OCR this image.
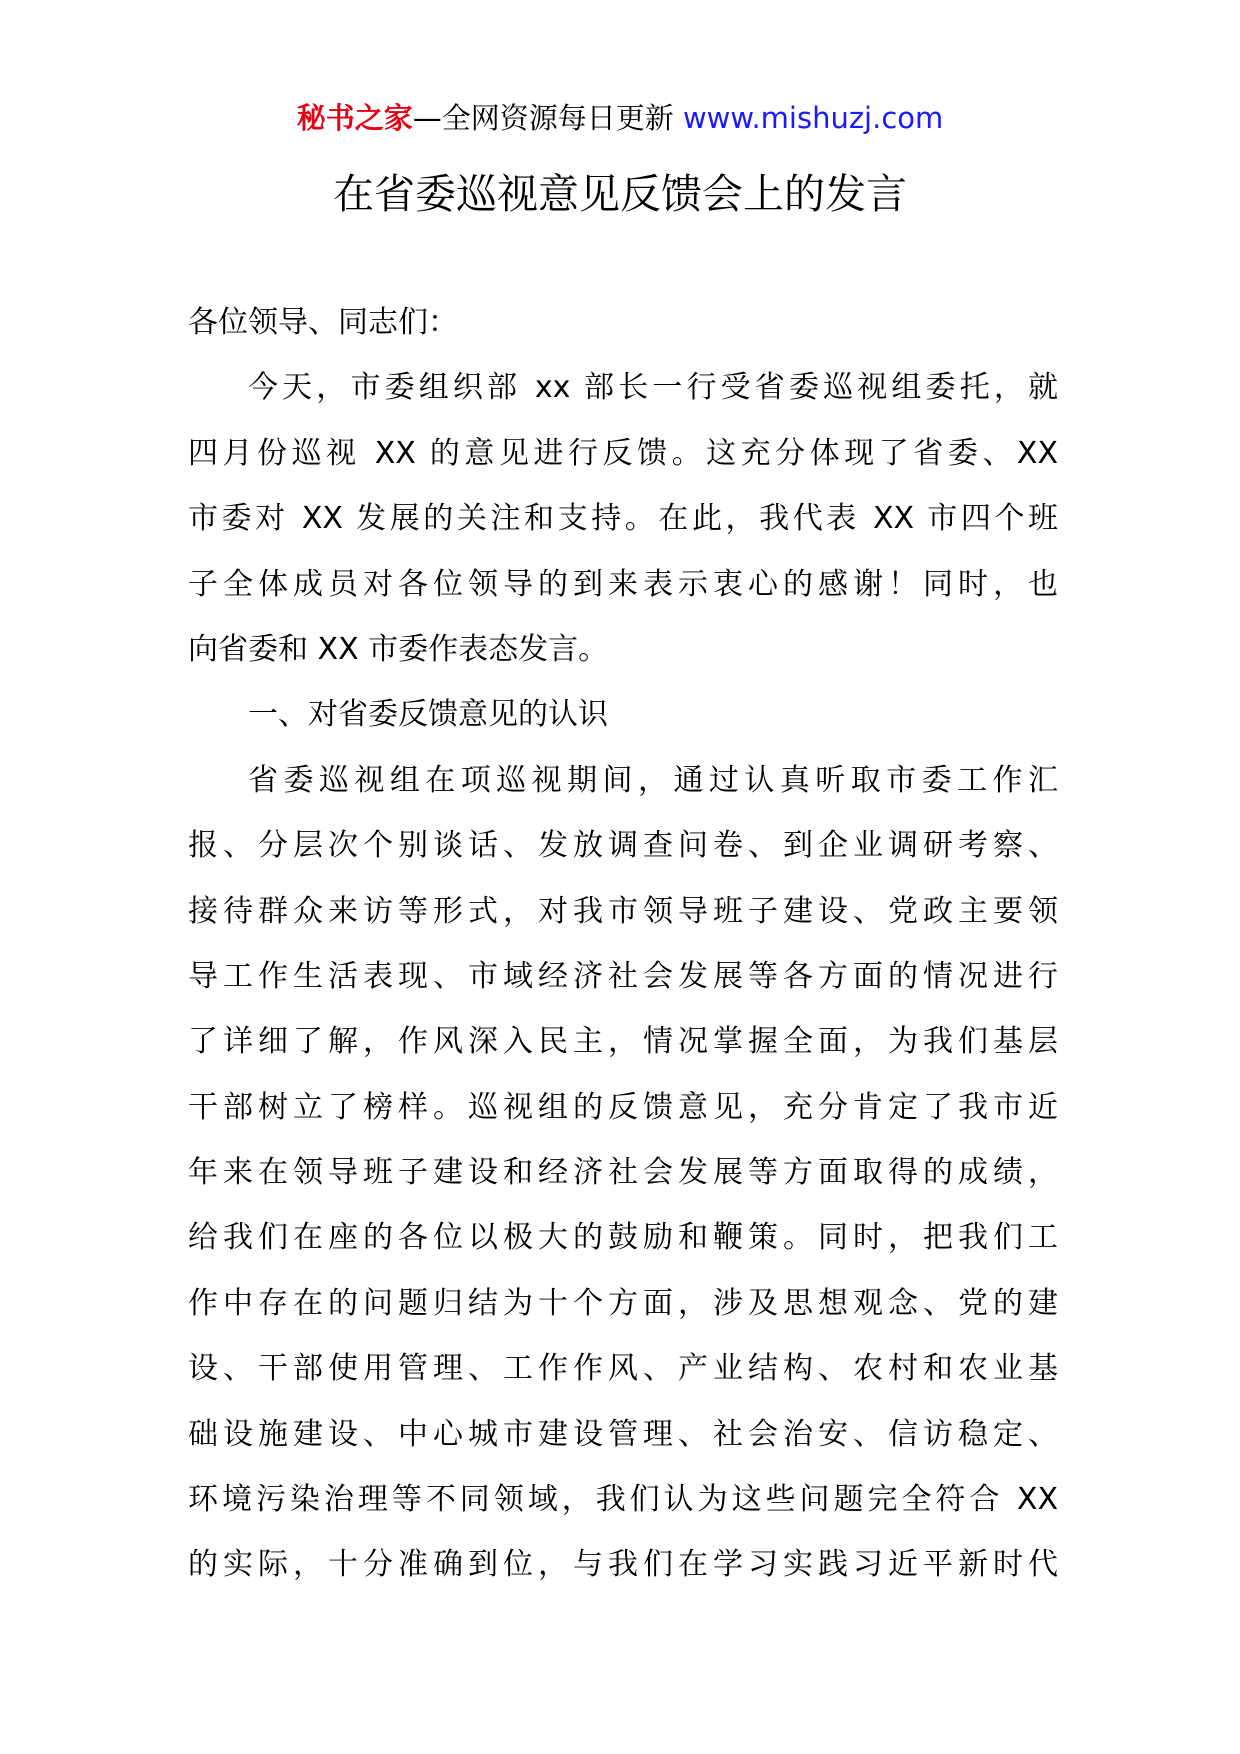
秘书之家—全网资源每日更新 www.mishuzj.com
在省委巡视意见反馈会上的发言
各位领导、同志们：
今天，市委组织部 xx 部长一行受省委巡视组委托，就
四月份巡视 XX 的意见进行反馈。这充分体现了省委、XX
市委对 XX 发展的关注和支持。在此，我代表 XX 市四个班
子全体成员对各位领导的到来表示衷心的感谢！同时，也
向省委和 XX 市委作表态发言。
一、对省委反馈意见的认识
省委巡视组在项巡视期间，通过认真听取市委工作汇
报、分层次个别谈话、发放调查问卷、到企业调研考察、
接待群众来访等形式，对我市领导班子建设、党政主要领
导工作生活表现、市域经济社会发展等各方面的情况进行
了详细了解，作风深入民主，情况掌握全面，为我们基层
干部树立了榜样。巡视组的反馈意见，充分肯定了我市近
年来在领导班子建设和经济社会发展等方面取得的成绩，
给我们在座的各位以极大的鼓励和鞭策。同时，把我们工
作中存在的问题归结为十个方面，涉及思想观念、党的建
设、干部使用管理、工作作风、产业结构、农村和农业基
础设施建设、中心城市建设管理、社会治安、信访稳定、
环境污染治理等不同领域，我们认为这些问题完全符合 XX
的实际，十分准确到位，与我们在学习实践习近平新时代
